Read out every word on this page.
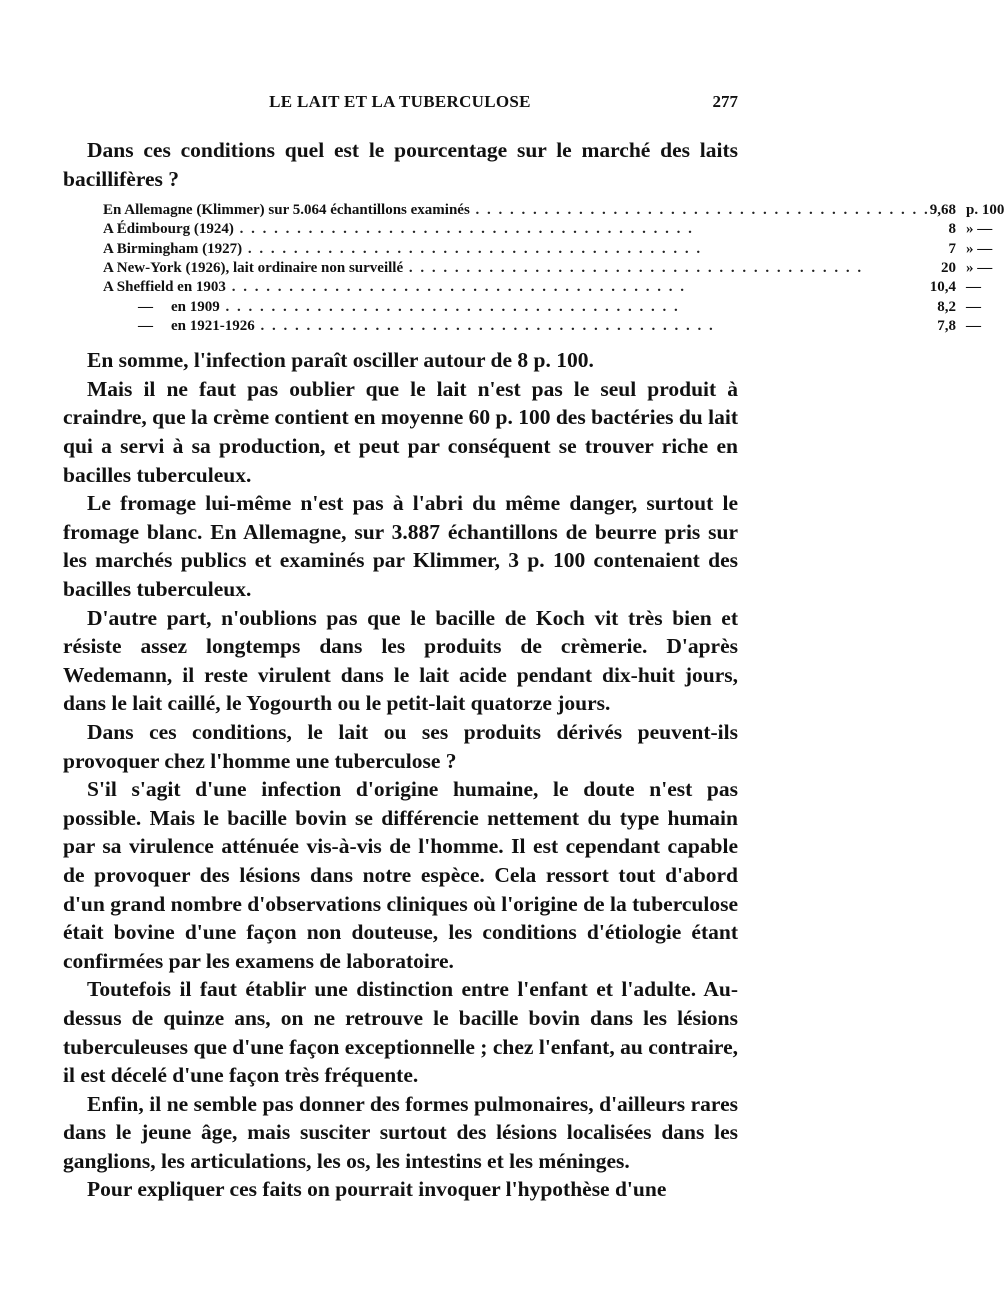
LE LAIT ET LA TUBERCULOSE	277

Dans ces conditions quel est le pourcentage sur le marché des laits bacillifères ?

En Allemagne (Klimmer) sur 5.064 échantillons examinés . . . . . . . . . . . . . . . . . . . . . . . . . . . . . . . . . . . . . . . .	9,68	p. 100
A Édimbourg (1924) . . . . . . . . . . . . . . . . . . . . . . . . . . . . . . . . . . . . . . . .	8	» —
A Birmingham (1927) . . . . . . . . . . . . . . . . . . . . . . . . . . . . . . . . . . . . . . . .	7	» —
A New-York (1926), lait ordinaire non surveillé . . . . . . . . . . . . . . . . . . . . . . . . . . . . . . . . . . . . . . . .	20	» —
A Sheffield en 1903 . . . . . . . . . . . . . . . . . . . . . . . . . . . . . . . . . . . . . . . .	10,4	—
— en 1909 . . . . . . . . . . . . . . . . . . . . . . . . . . . . . . . . . . . . . . . .	8,2	—
— en 1921-1926 . . . . . . . . . . . . . . . . . . . . . . . . . . . . . . . . . . . . . . . .	7,8	—

En somme, l'infection paraît osciller autour de 8 p. 100.

Mais il ne faut pas oublier que le lait n'est pas le seul produit à craindre, que la crème contient en moyenne 60 p. 100 des bactéries du lait qui a servi à sa production, et peut par conséquent se trouver riche en bacilles tuberculeux.

Le fromage lui-même n'est pas à l'abri du même danger, surtout le fromage blanc. En Allemagne, sur 3.887 échantillons de beurre pris sur les marchés publics et examinés par Klimmer, 3 p. 100 contenaient des bacilles tuberculeux.

D'autre part, n'oublions pas que le bacille de Koch vit très bien et résiste assez longtemps dans les produits de crèmerie. D'après Wedemann, il reste virulent dans le lait acide pendant dix-huit jours, dans le lait caillé, le Yogourth ou le petit-lait quatorze jours.

Dans ces conditions, le lait ou ses produits dérivés peuvent-ils provoquer chez l'homme une tuberculose ?

S'il s'agit d'une infection d'origine humaine, le doute n'est pas possible. Mais le bacille bovin se différencie nettement du type humain par sa virulence atténuée vis-à-vis de l'homme. Il est cependant capable de provoquer des lésions dans notre espèce. Cela ressort tout d'abord d'un grand nombre d'observations cliniques où l'origine de la tuberculose était bovine d'une façon non douteuse, les conditions d'étiologie étant confirmées par les examens de laboratoire.

Toutefois il faut établir une distinction entre l'enfant et l'adulte. Au-dessus de quinze ans, on ne retrouve le bacille bovin dans les lésions tuberculeuses que d'une façon exceptionnelle ; chez l'enfant, au contraire, il est décelé d'une façon très fréquente.

Enfin, il ne semble pas donner des formes pulmonaires, d'ailleurs rares dans le jeune âge, mais susciter surtout des lésions localisées dans les ganglions, les articulations, les os, les intestins et les méninges.

Pour expliquer ces faits on pourrait invoquer l'hypothèse d'une
